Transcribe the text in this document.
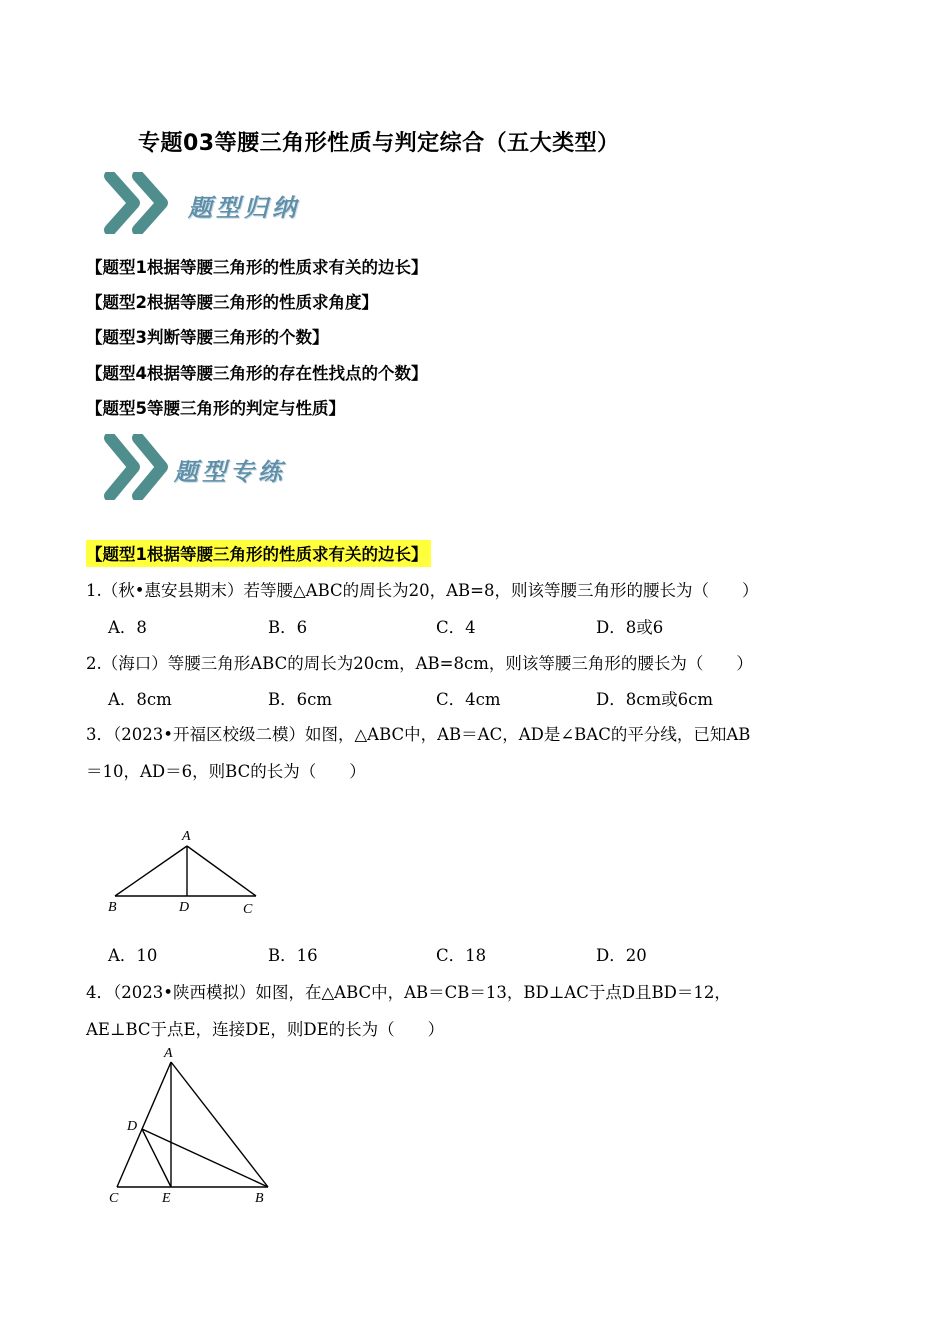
专题03等腰三角形性质与判定综合（五大类型）
题型归纳
【题型1根据等腰三角形的性质求有关的边长】
【题型2根据等腰三角形的性质求角度】
【题型3判断等腰三角形的个数】
【题型4根据等腰三角形的存在性找点的个数】
【题型5等腰三角形的判定与性质】
题型专练
【题型1根据等腰三角形的性质求有关的边长】
1.（秋•惠安县期末）若等腰△ABC的周长为20，AB=8，则该等腰三角形的腰长为（　　）
A．8	B．6	C．4	D．8或6
2.（海口）等腰三角形ABC的周长为20cm，AB=8cm，则该等腰三角形的腰长为（　　）
A．8cm	B．6cm	C．4cm	D．8cm或6cm
3．（2023•开福区校级二模）如图，△ABC中，AB＝AC，AD是∠BAC的平分线，已知AB
＝10，AD＝6，则BC的长为（　　）
A
B	D	C
A．10	B．16	C．18	D．20
4．（2023•陕西模拟）如图，在△ABC中，AB＝CB＝13，BD⊥AC于点D且BD＝12，
AE⊥BC于点E，连接DE，则DE的长为（　　）
A
D
C	E	B
